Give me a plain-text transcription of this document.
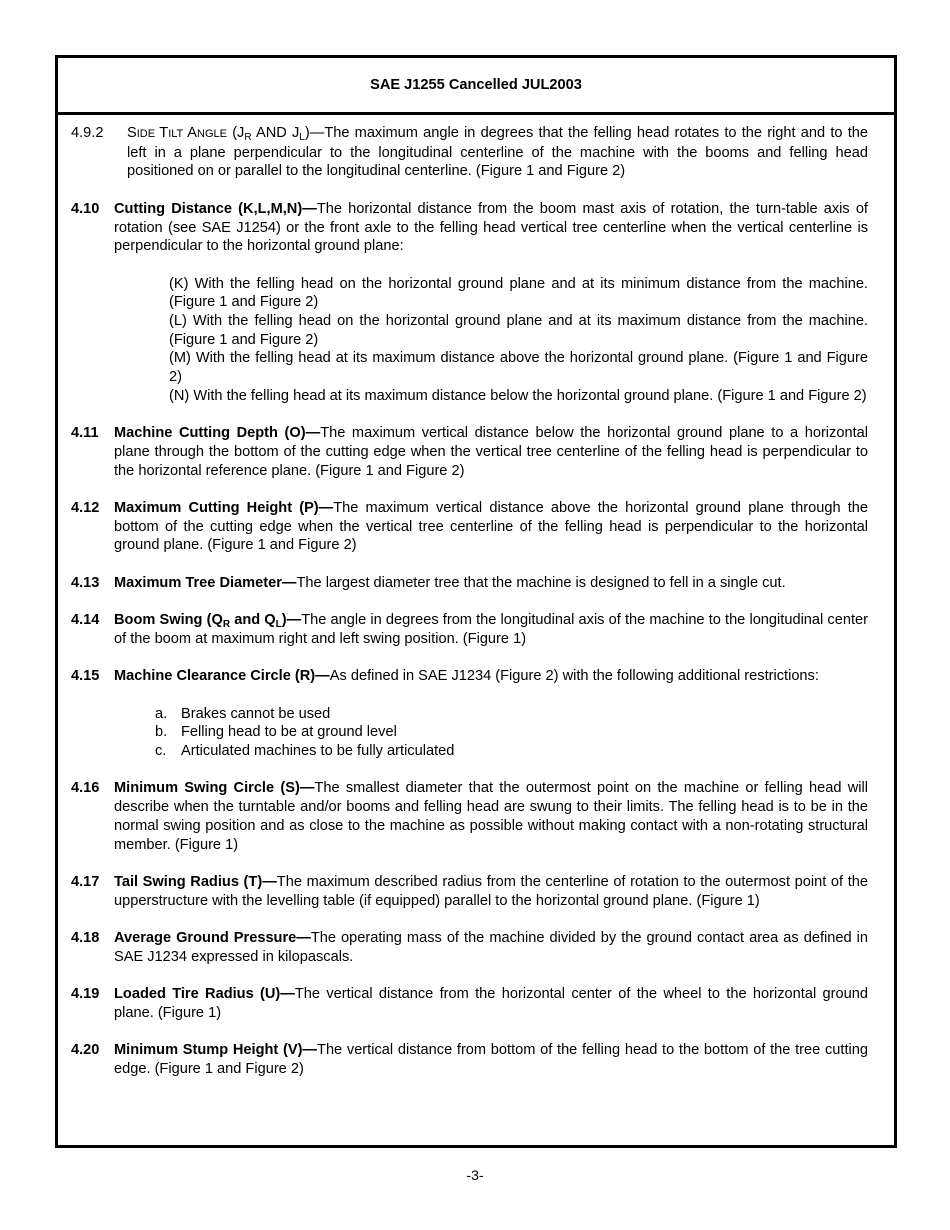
SAE J1255 Cancelled JUL2003
4.9.2	SIDE TILT ANGLE ($J_R$ AND $J_L)—The$ maximum angle in degrees that the felling head rotates to the right and to the left in a plane perpendicular to the longitudinal centerline of the machine with the booms and felling head positioned on or parallel to the longitudinal centerline. (Figure 1 and Figure 2)
4.10 Cutting Distance (K,L,M,N)—The horizontal distance from the boom mast axis of rotation, the turn-table axis of rotation (see SAE J1254) or the front axle to the felling head vertical tree centerline when the vertical centerline is perpendicular to the horizontal ground plane:
(K) With the felling head on the horizontal ground plane and at its minimum distance from the machine. (Figure 1 and Figure 2)
(L) With the felling head on the horizontal ground plane and at its maximum distance from the machine. (Figure 1 and Figure 2)
(M) With the felling head at its maximum distance above the horizontal ground plane. (Figure 1 and Figure 2)
(N) With the felling head at its maximum distance below the horizontal ground plane. (Figure 1 and Figure 2)
4.11	Machine Cutting Depth (O)—The maximum vertical distance below the horizontal ground plane to a horizontal plane through the bottom of the cutting edge when the vertical tree centerline of the felling head is perpendicular to the horizontal reference plane. (Figure 1 and Figure 2)
4.12 Maximum Cutting Height (P)—The maximum vertical distance above the horizontal ground plane through the bottom of the cutting edge when the vertical tree centerline of the felling head is perpendicular to the horizontal ground plane. (Figure 1 and Figure 2)
4.13 Maximum Tree Diameter—The largest diameter tree that the machine is designed to fell in a single cut.
4.14 Boom Swing ($Q_R$ and $Q_L)—The$ angle in degrees from the longitudinal axis of the machine to the longitudinal center of the boom at maximum right and left swing position. (Figure 1)
4.15 Machine Clearance Circle (R)—As defined in SAE J1234 (Figure 2) with the following additional restrictions:
a. Brakes cannot be used
b. Felling head to be at ground level
c.	Articulated machines to be fully articulated
4.16 Minimum Swing Circle (S)—The smallest diameter that the outermost point on the machine or felling head will describe when the turntable and/or booms and felling head are swung to their limits. The felling head is to be in the normal swing position and as close to the machine as possible without making contact with a non-rotating structural member. (Figure 1)
4.17 Tail Swing Radius (T)—The maximum described radius from the centerline of rotation to the outermost point of the upperstructure with the levelling table (if equipped) parallel to the horizontal ground plane. (Figure 1)
4.18 Average Ground Pressure—The operating mass of the machine divided by the ground contact area as defined in SAE J1234 expressed in kilopascals.
4.19 Loaded Tire Radius (U)—The vertical distance from the horizontal center of the wheel to the horizontal ground plane. (Figure 1)
4.20 Minimum Stump Height (V)—The vertical distance from bottom of the felling head to the bottom of the tree cutting edge. (Figure 1 and Figure 2)
-3-
